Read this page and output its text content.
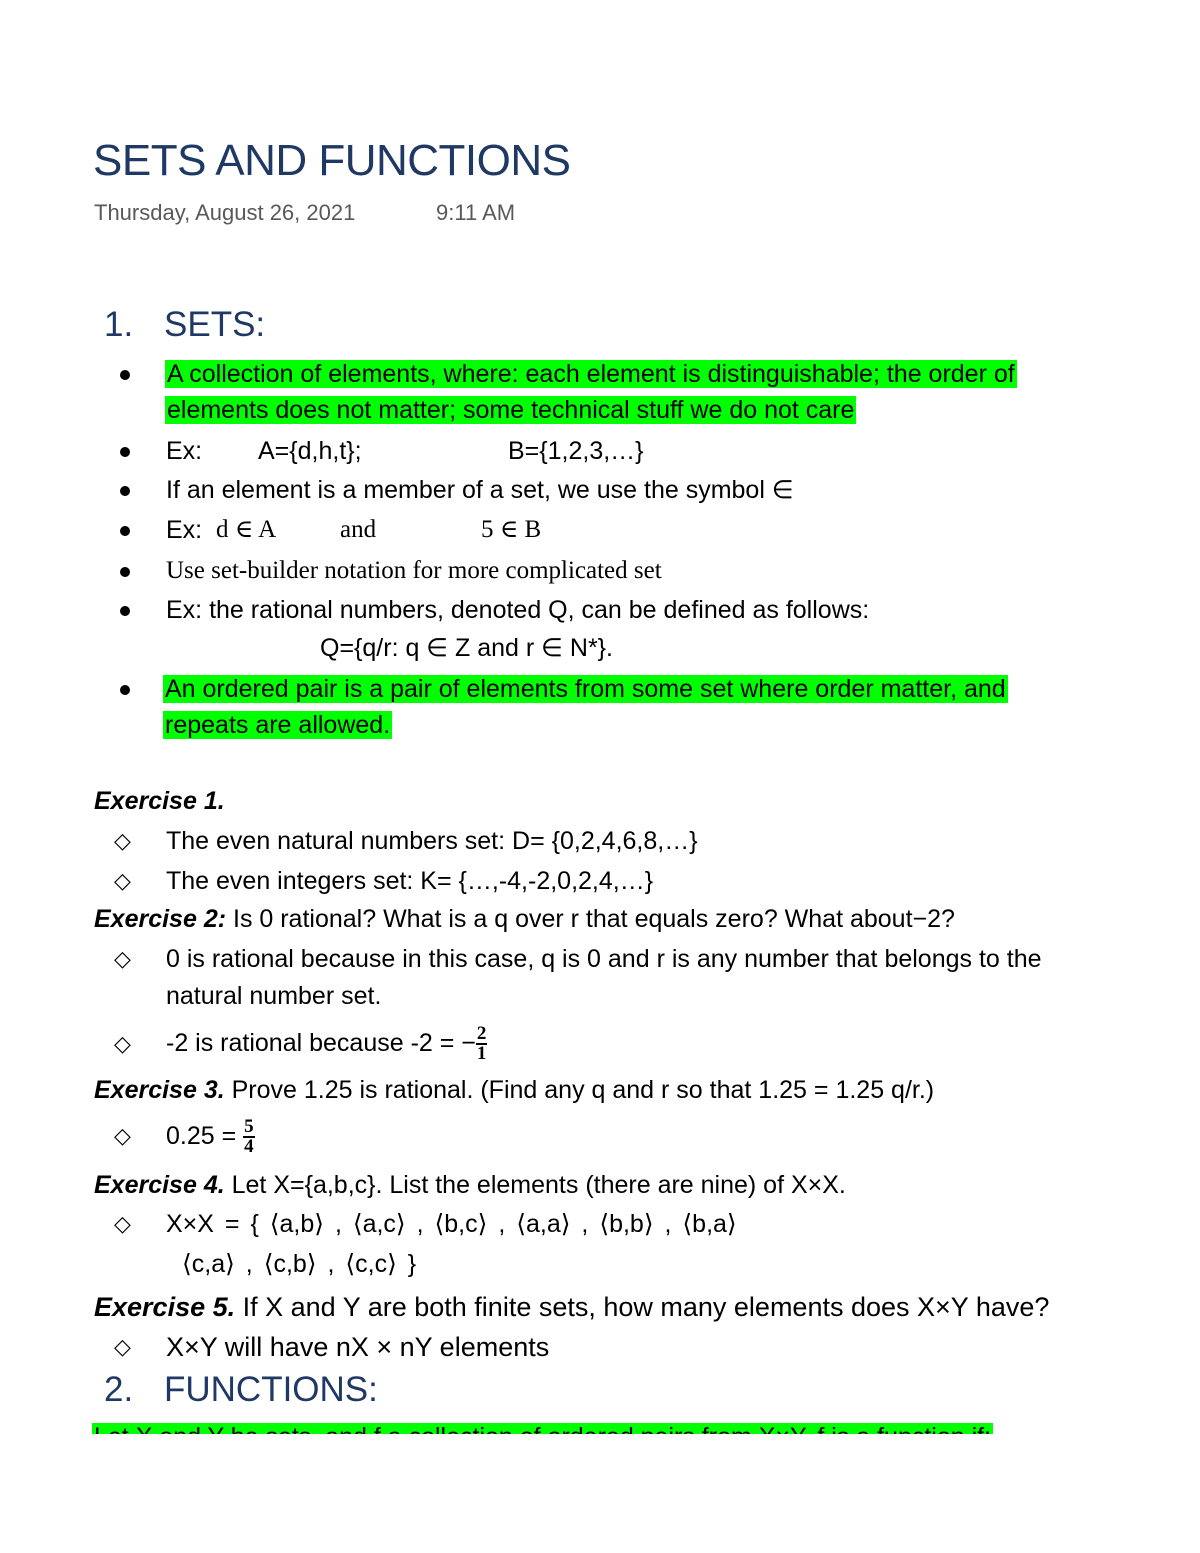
SETS AND FUNCTIONS
Thursday, August 26, 2021	9:11 AM
1. SETS:
A collection of elements, where: each element is distinguishable; the order of
elements does not matter; some technical stuff we do not care
Ex: A={d,h,t};	B={1,2,3,…}
If an element is a member of a set, we use the symbol ∈
Ex: d ∈ A	and	5 ∈ B
Use set-builder notation for more complicated set
Ex: the rational numbers, denoted Q, can be defined as follows:
Q={q/r: q ∈ Z and r ∈ N*}.
An ordered pair is a pair of elements from some set where order matter, and
repeats are allowed.
Exercise 1.
◇ The even natural numbers set: D= {0,2,4,6,8,…}
◇ The even integers set: K= {…,-4,-2,0,2,4,…}
Exercise 2: Is 0 rational? What is a q over r that equals zero? What about−2?
◇ 0 is rational because in this case, q is 0 and r is any number that belongs to the
natural number set.
◇ -2 is rational because -2 = − $\frac{2}{1}$
Exercise 3. Prove 1.25 is rational. (Find any q and r so that 1.25 = 1.25 q/r.)
◇ $0.25 = \frac{5}{4}$
Exercise 4. Let X={a,b,c}. List the elements (there are nine) of X×X.
◇ X×X = { ⟨a,b⟩ , ⟨a,c⟩ , ⟨b,c⟩ , ⟨a,a⟩ , ⟨b,b⟩ , ⟨b,a⟩
⟨c,a⟩ , ⟨c,b⟩ , ⟨c,c⟩ }
Exercise 5. If X and Y are both finite sets, how many elements does X×Y have?
◇ X×Y will have nX × nY elements
2. FUNCTIONS:
